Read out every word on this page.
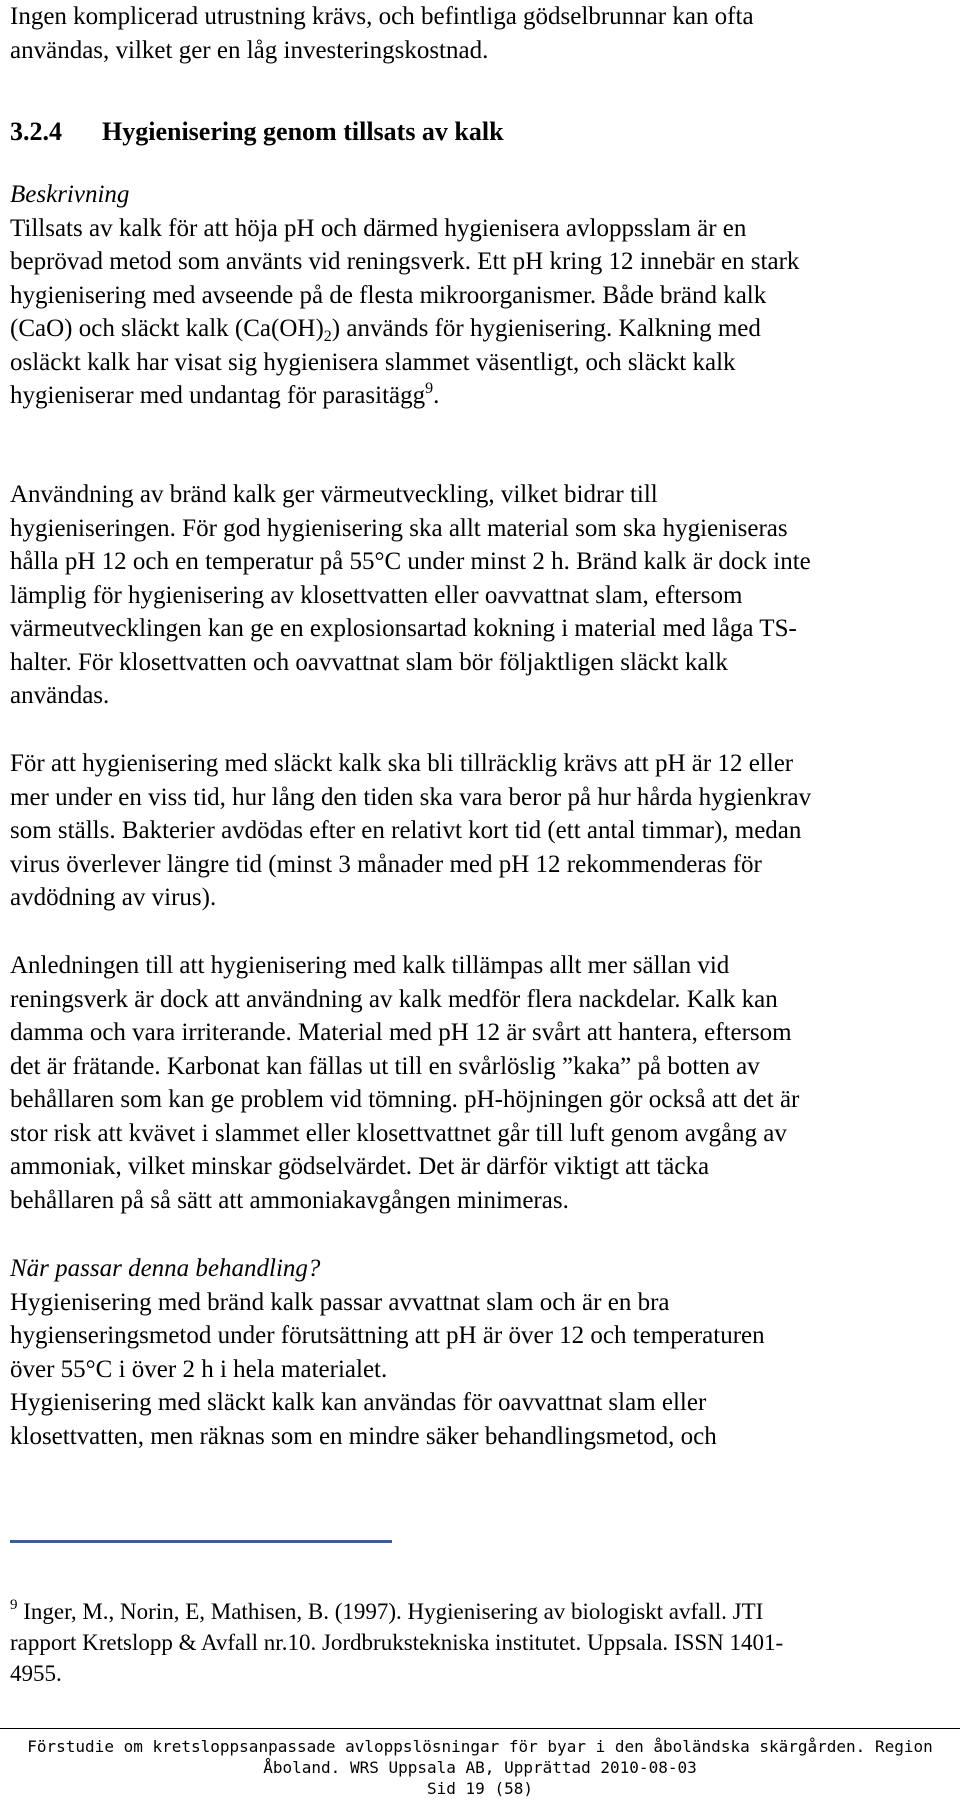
Ingen komplicerad utrustning krävs, och befintliga gödselbrunnar kan ofta
användas, vilket ger en låg investeringskostnad.
3.2.4 Hygienisering genom tillsats av kalk
Beskrivning
Tillsats av kalk för att höja pH och därmed hygienisera avloppsslam är en
beprövad metod som använts vid reningsverk. Ett pH kring 12 innebär en stark
hygienisering med avseende på de flesta mikroorganismer. Både bränd kalk
(CaO) och släckt kalk $(Ca(OH)_2)$ används för hygienisering. Kalkning med
osläckt kalk har visat sig hygienisera slammet väsentligt, och släckt kalk
hygieniserar med undantag för parasitägg$^9$.
Användning av bränd kalk ger värmeutveckling, vilket bidrar till
hygieniseringen. För god hygienisering ska allt material som ska hygieniseras
hålla pH 12 och en temperatur på 55°C under minst 2 h. Bränd kalk är dock inte
lämplig för hygienisering av klosettvatten eller oavvattnat slam, eftersom
värmeutvecklingen kan ge en explosionsartad kokning i material med låga TS-
halter. För klosettvatten och oavvattnat slam bör följaktligen släckt kalk
användas.
För att hygienisering med släckt kalk ska bli tillräcklig krävs att pH är 12 eller
mer under en viss tid, hur lång den tiden ska vara beror på hur hårda hygienkrav
som ställs. Bakterier avdödas efter en relativt kort tid (ett antal timmar), medan
virus överlever längre tid (minst 3 månader med pH 12 rekommenderas för
avdödning av virus).
Anledningen till att hygienisering med kalk tillämpas allt mer sällan vid
reningsverk är dock att användning av kalk medför flera nackdelar. Kalk kan
damma och vara irriterande. Material med pH 12 är svårt att hantera, eftersom
det är frätande. Karbonat kan fällas ut till en svårlöslig ”kaka” på botten av
behållaren som kan ge problem vid tömning. pH-höjningen gör också att det är
stor risk att kvävet i slammet eller klosettvattnet går till luft genom avgång av
ammoniak, vilket minskar gödselvärdet. Det är därför viktigt att täcka
behållaren på så sätt att ammoniakavgången minimeras.
När passar denna behandling?
Hygienisering med bränd kalk passar avvattnat slam och är en bra
hygienseringsmetod under förutsättning att pH är över 12 och temperaturen
över 55°C i över 2 h i hela materialet.
Hygienisering med släckt kalk kan användas för oavvattnat slam eller
klosettvatten, men räknas som en mindre säker behandlingsmetod, och
$^9$ Inger, M., Norin, E, Mathisen, B. (1997). Hygienisering av biologiskt avfall. JTI
rapport Kretslopp & Avfall nr.10. Jordbrukstekniska institutet. Uppsala. ISSN 1401-
4955.
Förstudie om kretsloppsanpassade avloppslösningar för byar i den åboländska skärgården. Region
Åboland. WRS Uppsala AB, Upprättad 2010-08-03
Sid 19 (58)
